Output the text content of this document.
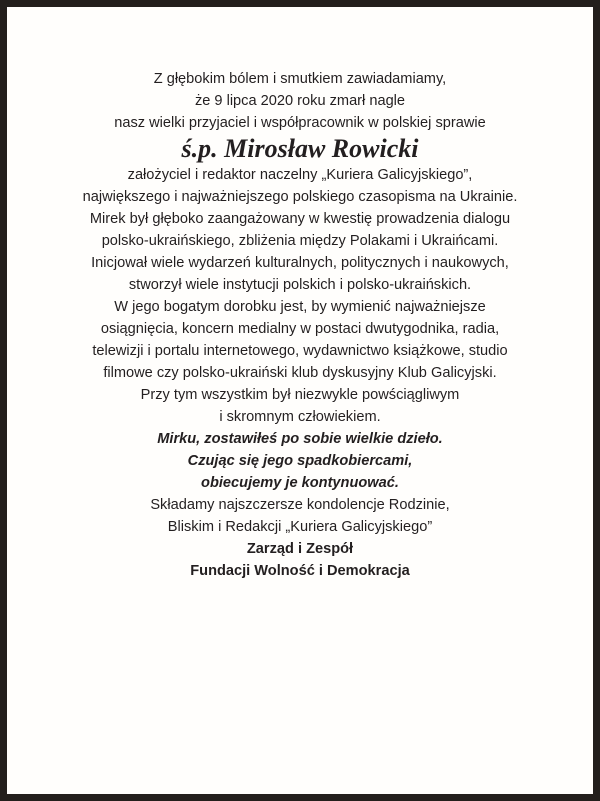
Z głębokim bólem i smutkiem zawiadamiamy,
że 9 lipca 2020 roku zmarł nagle
nasz wielki przyjaciel i współpracownik w polskiej sprawie

ś.p. Mirosław Rowicki

założyciel i redaktor naczelny „Kuriera Galicyjskiego”,
największego i najważniejszego polskiego czasopisma na Ukrainie.

Mirek był głęboko zaangażowany w kwestię prowadzenia dialogu
polsko-ukraińskiego, zbliżenia między Polakami i Ukraińcami.
Inicjował wiele wydarzeń kulturalnych, politycznych i naukowych,
stworzył wiele instytucji polskich i polsko-ukraińskich.

W jego bogatym dorobku jest, by wymienić najważniejsze
osiągnięcia, koncern medialny w postaci dwutygodnika, radia,
telewizji i portalu internetowego, wydawnictwo książkowe, studio
filmowe czy polsko-ukraiński klub dyskusyjny Klub Galicyjski.

Przy tym wszystkim był niezwykle powściągliwym
i skromnym człowiekiem.

Mirku, zostawiłeś po sobie wielkie dzieło.
Czując się jego spadkobiercami,
obiecujemy je kontynuować.

Składamy najszczersze kondolencje Rodzinie,
Bliskim i Redakcji „Kuriera Galicyjskiego”

Zarząd i Zespół
Fundacji Wolność i Demokracja
